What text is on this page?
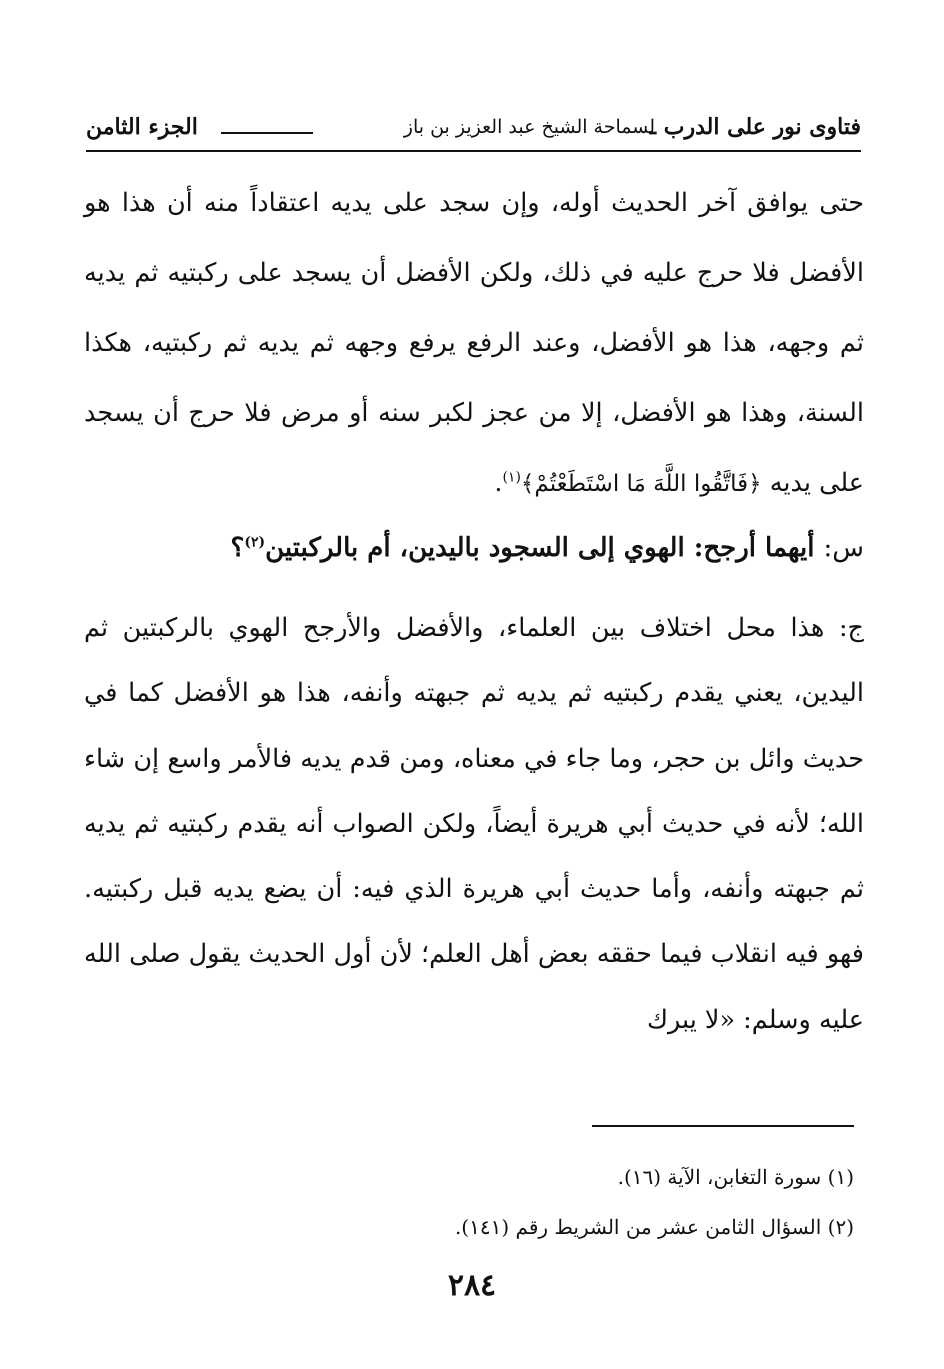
فتاوى نور على الدرب ـ
لسماحة الشيخ عبد العزيز بن باز
الجزء الثامن
حتى يوافق آخر الحديث أوله، وإن سجد على يديه اعتقاداً منه أن هذا هو الأفضل فلا حرج عليه في ذلك، ولكن الأفضل أن يسجد على ركبتيه ثم يديه ثم وجهه، هذا هو الأفضل، وعند الرفع يرفع وجهه ثم يديه ثم ركبتيه، هكذا السنة، وهذا هو الأفضل، إلا من عجز لكبر سنه أو مرض فلا حرج أن يسجد على يديه ﴿فَاتَّقُوا اللَّهَ مَا اسْتَطَعْتُمْ﴾$^{(١)}$.
س: أيهما أرجح: الهوي إلى السجود باليدين، أم بالركبتين$^{(٢)}$؟
ج: هذا محل اختلاف بين العلماء، والأفضل والأرجح الهوي بالركبتين ثم اليدين، يعني يقدم ركبتيه ثم يديه ثم جبهته وأنفه، هذا هو الأفضل كما في حديث وائل بن حجر، وما جاء في معناه، ومن قدم يديه فالأمر واسع إن شاء الله؛ لأنه في حديث أبي هريرة أيضاً، ولكن الصواب أنه يقدم ركبتيه ثم يديه ثم جبهته وأنفه، وأما حديث أبي هريرة الذي فيه: أن يضع يديه قبل ركبتيه. فهو فيه انقلاب فيما حققه بعض أهل العلم؛ لأن أول الحديث يقول صلى الله عليه وسلم: «لا يبرك
(١) سورة التغابن، الآية (١٦).
(٢) السؤال الثامن عشر من الشريط رقم (١٤١).
٢٨٤
